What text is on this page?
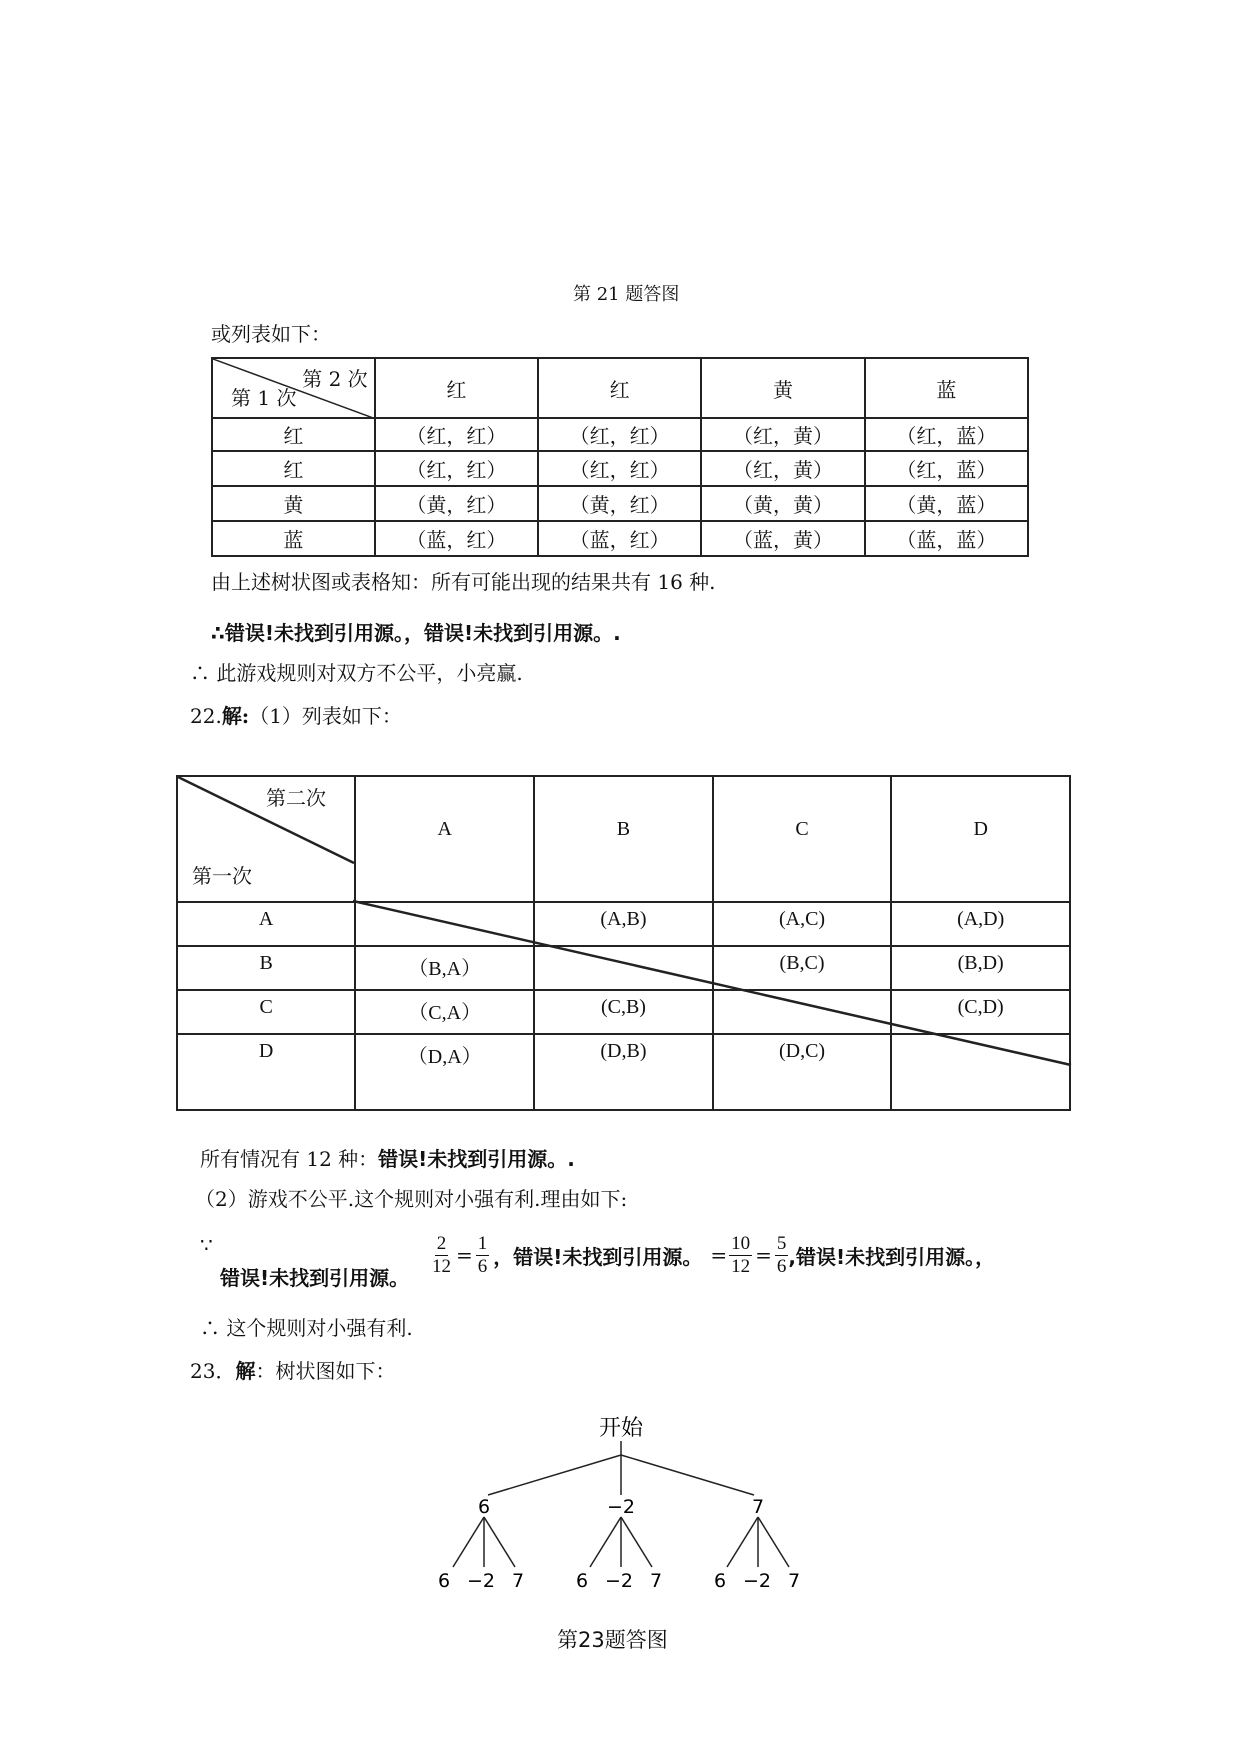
第 21 题答图
或列表如下：
第 2 次
第 1 次	红	红	黄	蓝
红	（红，红）	（红，红）	（红，黄）	（红，蓝）
红	（红，红）	（红，红）	（红，黄）	（红，蓝）
黄	（黄，红）	（黄，红）	（黄，黄）	（黄，蓝）
蓝	（蓝，红）	（蓝，红）	（蓝，黄）	（蓝，蓝）
由上述树状图或表格知：所有可能出现的结果共有 16 种.
∴错误!未找到引用源。，错误!未找到引用源。.
∴ 此游戏规则对双方不公平，小亮赢.
22.解:（1）列表如下：
第二次
第一次	A	B	C	D
A		(A,B)	(A,C)	(A,D)
B	（B,A）		(B,C)	(B,D)
C	（C,A）	(C,B)		(C,D)
D	（D,A）	(D,B)	(D,C)	
所有情况有 12 种：错误!未找到引用源。.
（2）游戏不公平.这个规则对小强有利.理由如下:
∵
错误!未找到引用源。
$\frac{2}{12} = \frac{1}{6}$ ，错误!未找到引用源。 = $\frac{10}{12} = \frac{5}{6}$ ,错误!未找到引用源。，
∴ 这个规则对小强有利.
23．解：树状图如下：
开始
6	−2	7
6 −2 7	6 −2 7	6 −2 7
第23题答图
